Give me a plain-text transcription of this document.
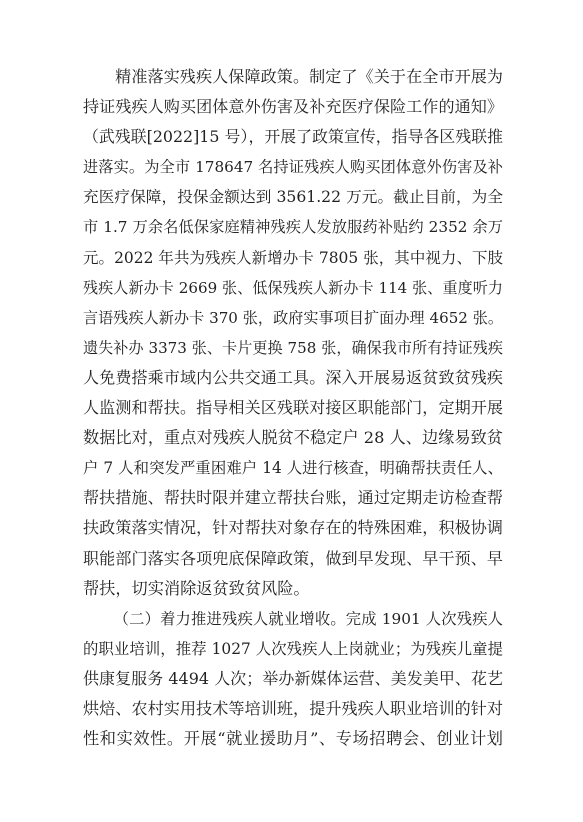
精准落实残疾人保障政策。制定了《关于在全市开展为
持证残疾人购买团体意外伤害及补充医疗保险工作的通知》
（武残联[2022]15 号），开展了政策宣传，指导各区残联推
进落实。为全市 178647 名持证残疾人购买团体意外伤害及补
充医疗保障，投保金额达到 3561.22 万元。截止目前，为全
市 1.7 万余名低保家庭精神残疾人发放服药补贴约 2352 余万
元。2022 年共为残疾人新增办卡 7805 张，其中视力、下肢
残疾人新办卡 2669 张、低保残疾人新办卡 114 张、重度听力
言语残疾人新办卡 370 张，政府实事项目扩面办理 4652 张。
遗失补办 3373 张、卡片更换 758 张，确保我市所有持证残疾
人免费搭乘市域内公共交通工具。深入开展易返贫致贫残疾
人监测和帮扶。指导相关区残联对接区职能部门，定期开展
数据比对，重点对残疾人脱贫不稳定户 28 人、边缘易致贫
户 7 人和突发严重困难户 14 人进行核查，明确帮扶责任人、
帮扶措施、帮扶时限并建立帮扶台账，通过定期走访检查帮
扶政策落实情况，针对帮扶对象存在的特殊困难，积极协调
职能部门落实各项兜底保障政策，做到早发现、早干预、早
帮扶，切实消除返贫致贫风险。
（二）着力推进残疾人就业增收。完成 1901 人次残疾人
的职业培训，推荐 1027 人次残疾人上岗就业；为残疾儿童提
供康复服务 4494 人次；举办新媒体运营、美发美甲、花艺
烘焙、农村实用技术等培训班，提升残疾人职业培训的针对
性和实效性。开展“就业援助月”、专场招聘会、创业计划
